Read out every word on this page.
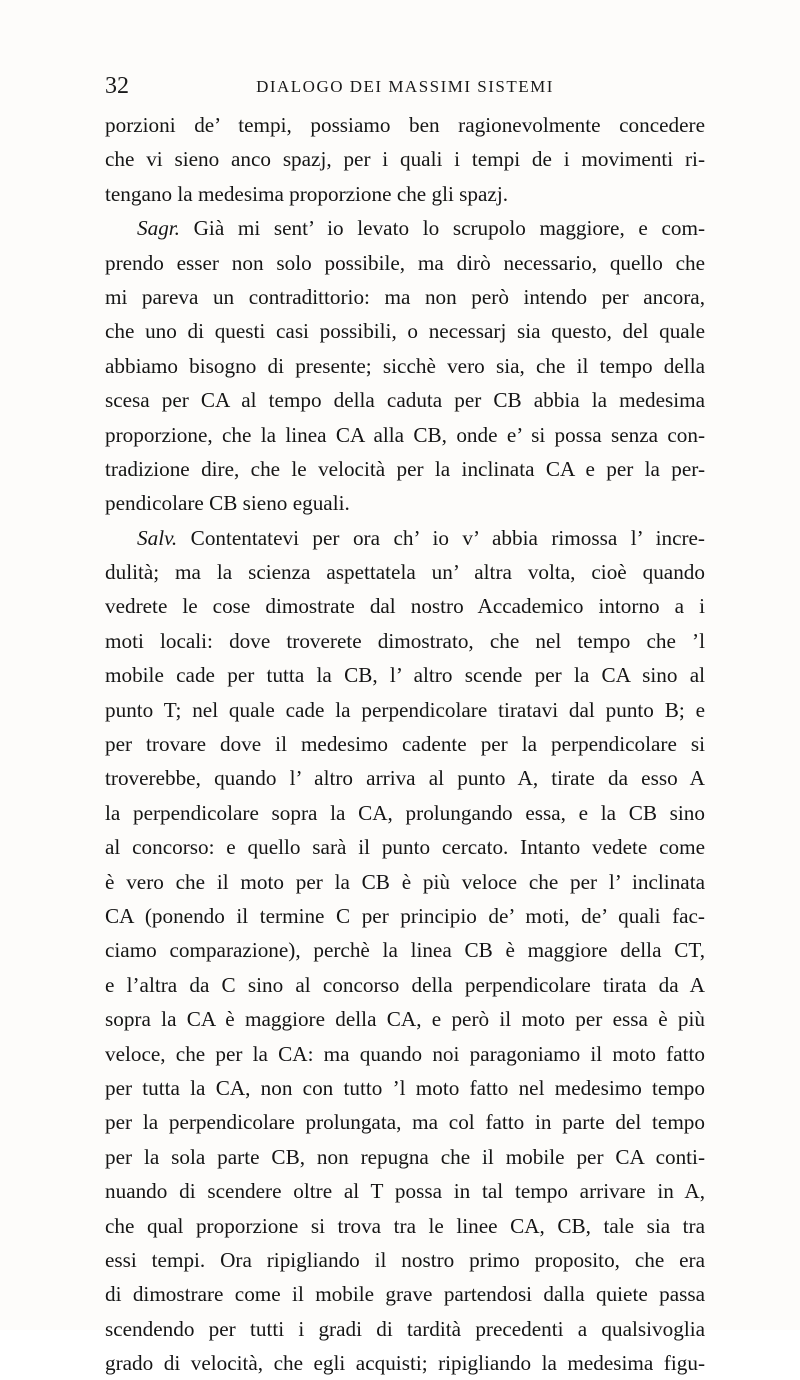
32	DIALOGO DEI MASSIMI SISTEMI
porzioni de’ tempi, possiamo ben ragionevolmente concedere
che vi sieno anco spazj, per i quali i tempi de i movimenti ri-
tengano la medesima proporzione che gli spazj.
Sagr. Già mi sent’ io levato lo scrupolo maggiore, e com-
prendo esser non solo possibile, ma dirò necessario, quello che
mi pareva un contradittorio: ma non però intendo per ancora,
che uno di questi casi possibili, o necessarj sia questo, del quale
abbiamo bisogno di presente; sicchè vero sia, che il tempo della
scesa per CA al tempo della caduta per CB abbia la medesima
proporzione, che la linea CA alla CB, onde e’ si possa senza con-
tradizione dire, che le velocità per la inclinata CA e per la per-
pendicolare CB sieno eguali.
Salv. Contentatevi per ora ch’ io v’ abbia rimossa l’ incre-
dulità; ma la scienza aspettatela un’ altra volta, cioè quando
vedrete le cose dimostrate dal nostro Accademico intorno a i
moti locali: dove troverete dimostrato, che nel tempo che ’l
mobile cade per tutta la CB, l’ altro scende per la CA sino al
punto T; nel quale cade la perpendicolare tiratavi dal punto B; e
per trovare dove il medesimo cadente per la perpendicolare si
troverebbe, quando l’ altro arriva al punto A, tirate da esso A
la perpendicolare sopra la CA, prolungando essa, e la CB sino
al concorso: e quello sarà il punto cercato. Intanto vedete come
è vero che il moto per la CB è più veloce che per l’ inclinata
CA (ponendo il termine C per principio de’ moti, de’ quali fac-
ciamo comparazione), perchè la linea CB è maggiore della CT,
e l’altra da C sino al concorso della perpendicolare tirata da A
sopra la CA è maggiore della CA, e però il moto per essa è più
veloce, che per la CA: ma quando noi paragoniamo il moto fatto
per tutta la CA, non con tutto ’l moto fatto nel medesimo tempo
per la perpendicolare prolungata, ma col fatto in parte del tempo
per la sola parte CB, non repugna che il mobile per CA conti-
nuando di scendere oltre al T possa in tal tempo arrivare in A,
che qual proporzione si trova tra le linee CA, CB, tale sia tra
essi tempi. Ora ripigliando il nostro primo proposito, che era
di dimostrare come il mobile grave partendosi dalla quiete passa
scendendo per tutti i gradi di tardità precedenti a qualsivoglia
grado di velocità, che egli acquisti; ripigliando la medesima figu-
